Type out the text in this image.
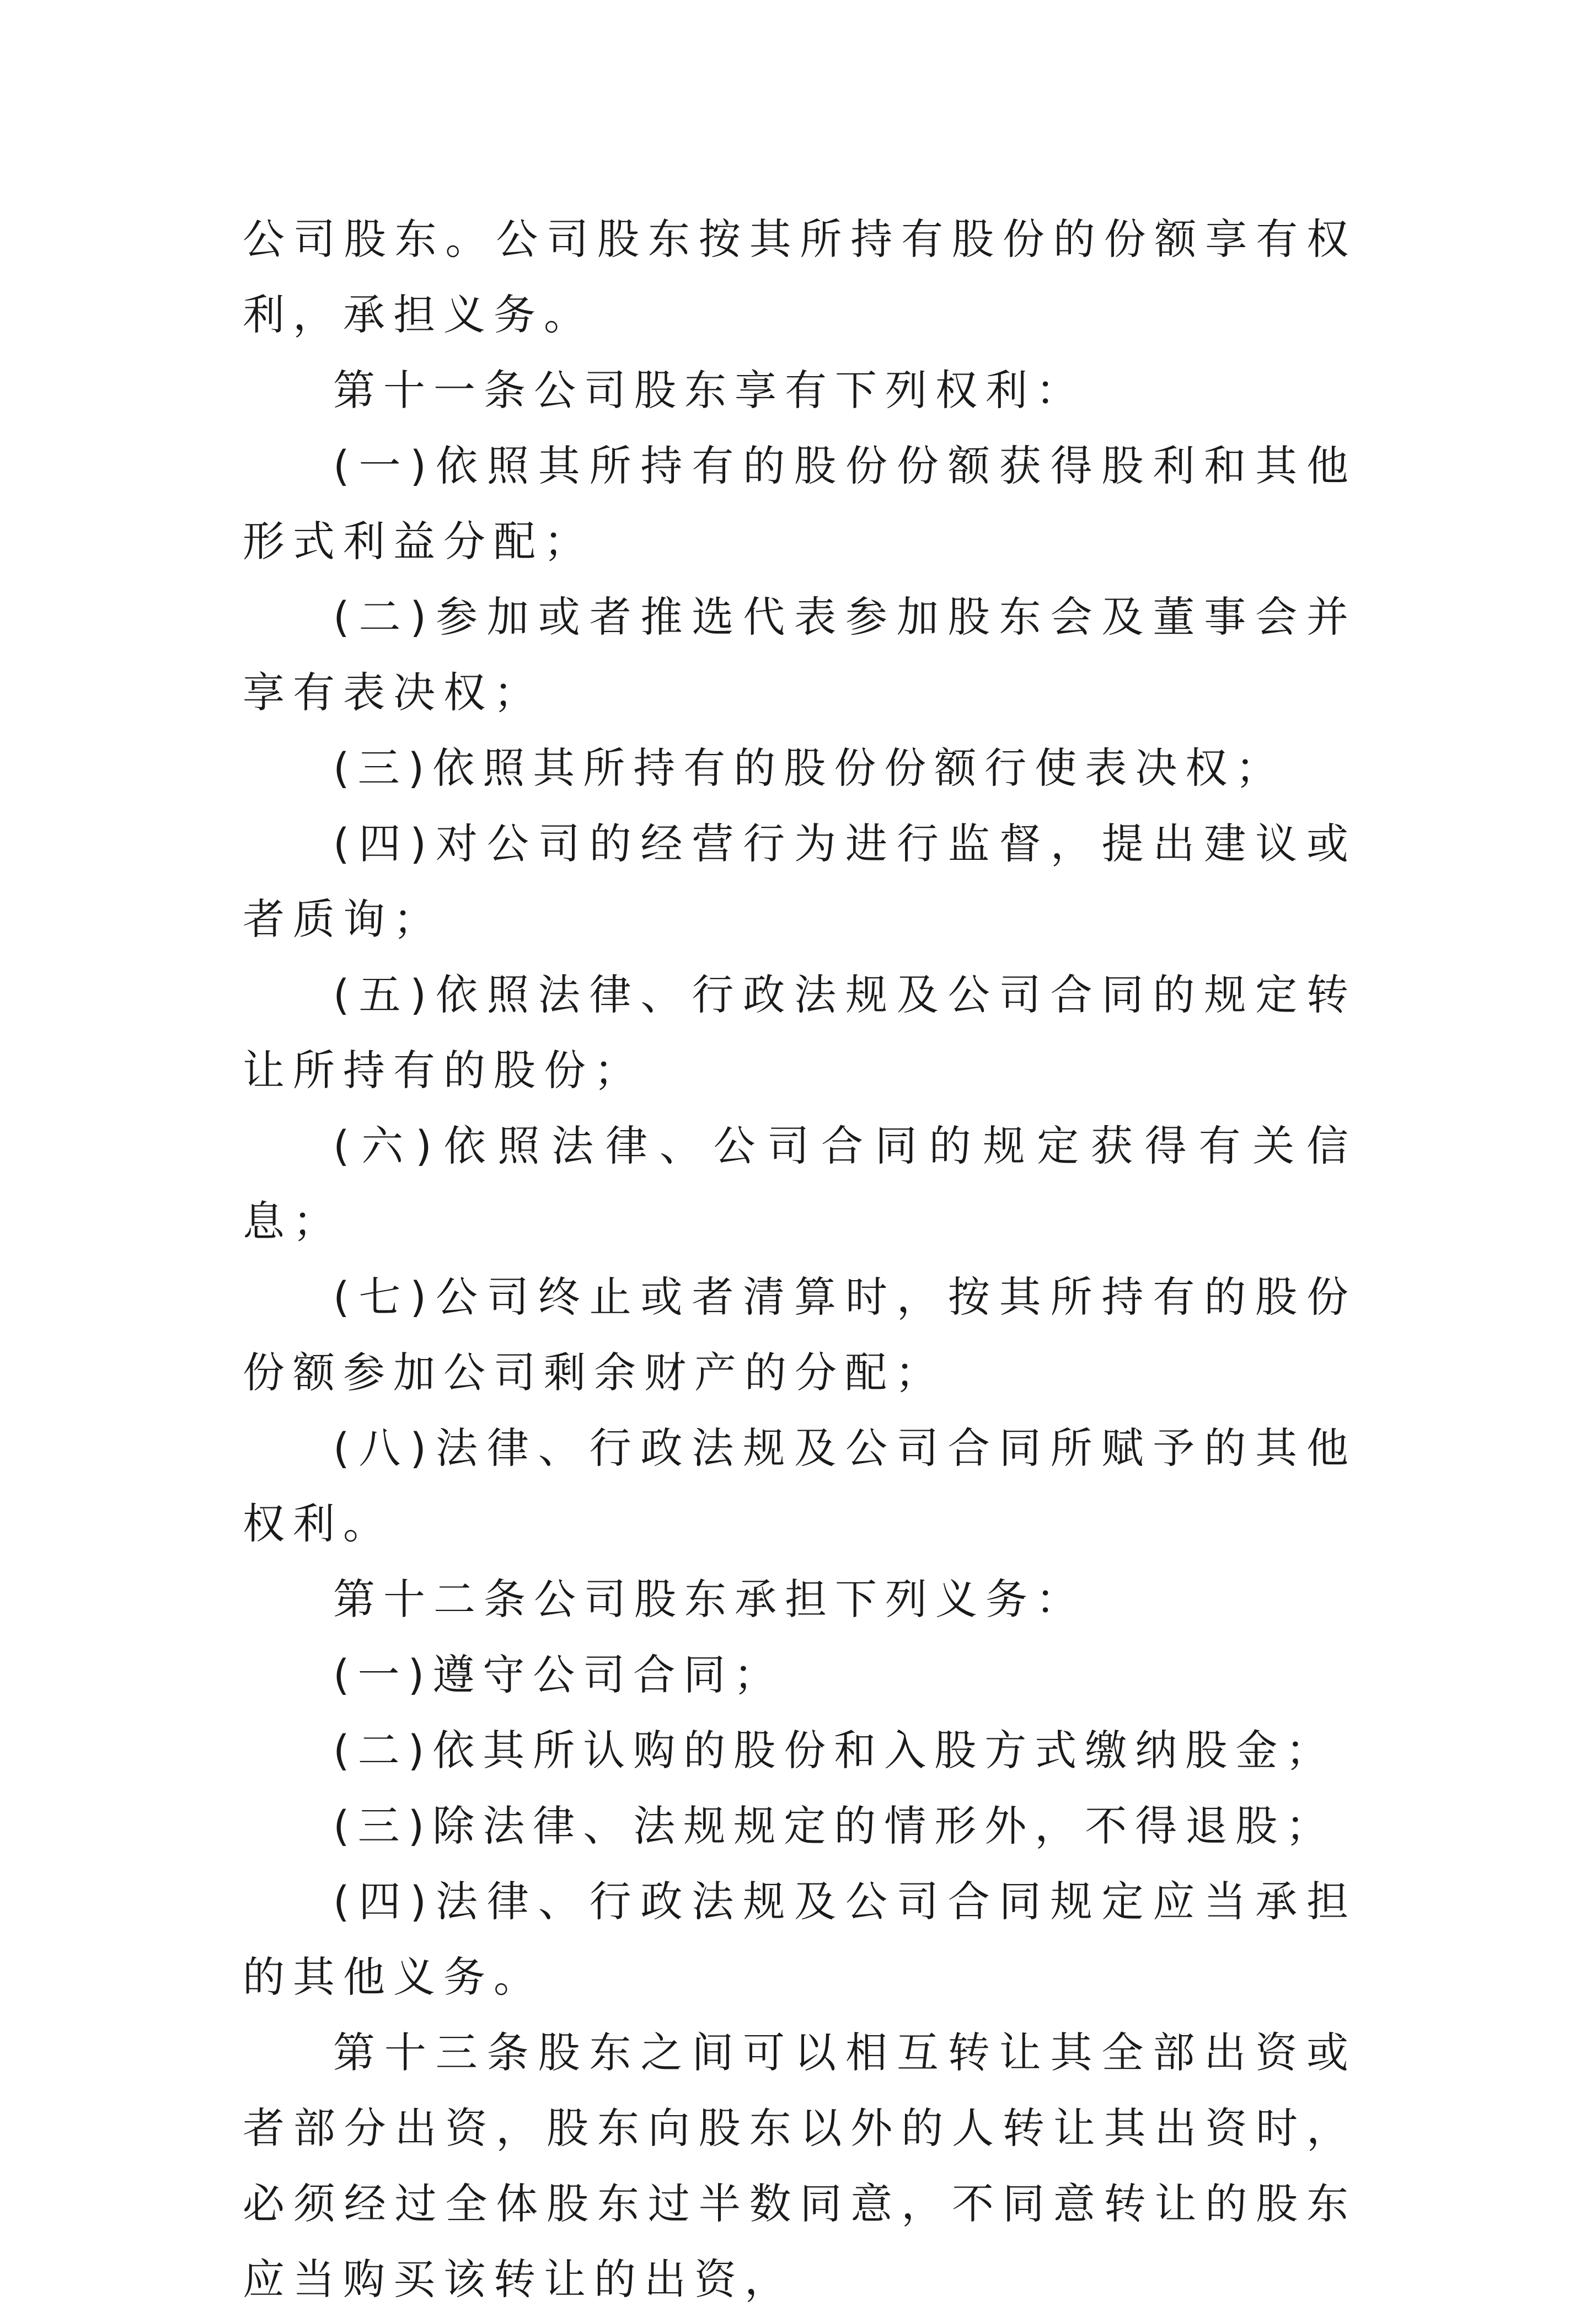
公司股东。公司股东按其所持有股份的份额享有权利，承担义务。

第十一条公司股东享有下列权利：

(一)依照其所持有的股份份额获得股利和其他形式利益分配；

(二)参加或者推选代表参加股东会及董事会并享有表决权；

(三)依照其所持有的股份份额行使表决权；

(四)对公司的经营行为进行监督，提出建议或者质询；

(五)依照法律、行政法规及公司合同的规定转让所持有的股份；

(六)依照法律、公司合同的规定获得有关信息；

(七)公司终止或者清算时，按其所持有的股份份额参加公司剩余财产的分配；

(八)法律、行政法规及公司合同所赋予的其他权利。

第十二条公司股东承担下列义务：

(一)遵守公司合同；

(二)依其所认购的股份和入股方式缴纳股金；

(三)除法律、法规规定的情形外，不得退股；

(四)法律、行政法规及公司合同规定应当承担的其他义务。

第十三条股东之间可以相互转让其全部出资或者部分出资，股东向股东以外的人转让其出资时，必须经过全体股东过半数同意，不同意转让的股东应当购买该转让的出资，
